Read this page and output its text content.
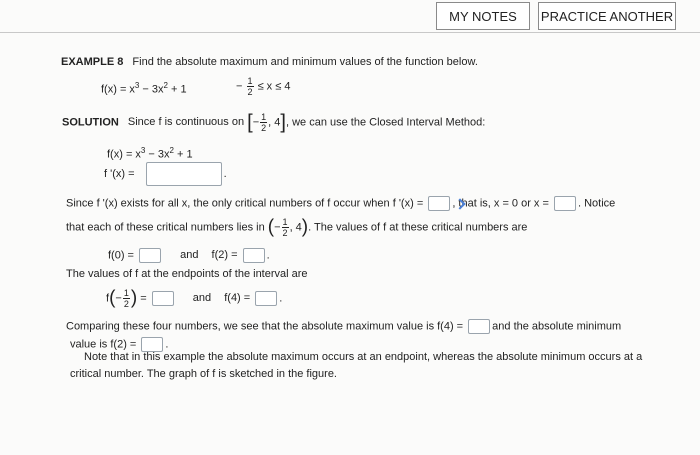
MY NOTES PRACTICE ANOTHER
EXAMPLE 8 Find the absolute maximum and minimum values of the function below.
$f(x) = x^3 - 3x^2 + 1$	− $\frac{1}{2} \le x \le 4$
SOLUTION Since f is continuous on [− $\frac{1}{2}$ , 4], we can use the Closed Interval Method:
$f(x) = x^3 - 3x^2 + 1$
f '(x) =	.
Since f '(x) exists for all x, the only critical numbers of f occur when f '(x) =	, that is, x = 0 or x =	. Notice
that each of these critical numbers lies in (− $\frac{1}{2}$ , 4). The values of f at these critical numbers are
f(0) =	and f(2) =	.
The values of f at the endpoints of the interval are
$f(- \frac{1}{2}$ ) =	and f(4) =	.
Comparing these four numbers, we see that the absolute maximum value is f(4) =	and the absolute minimum
value is f(2) =	.
Note that in this example the absolute maximum occurs at an endpoint, whereas the absolute minimum occurs at a
critical number. The graph of f is sketched in the figure.
